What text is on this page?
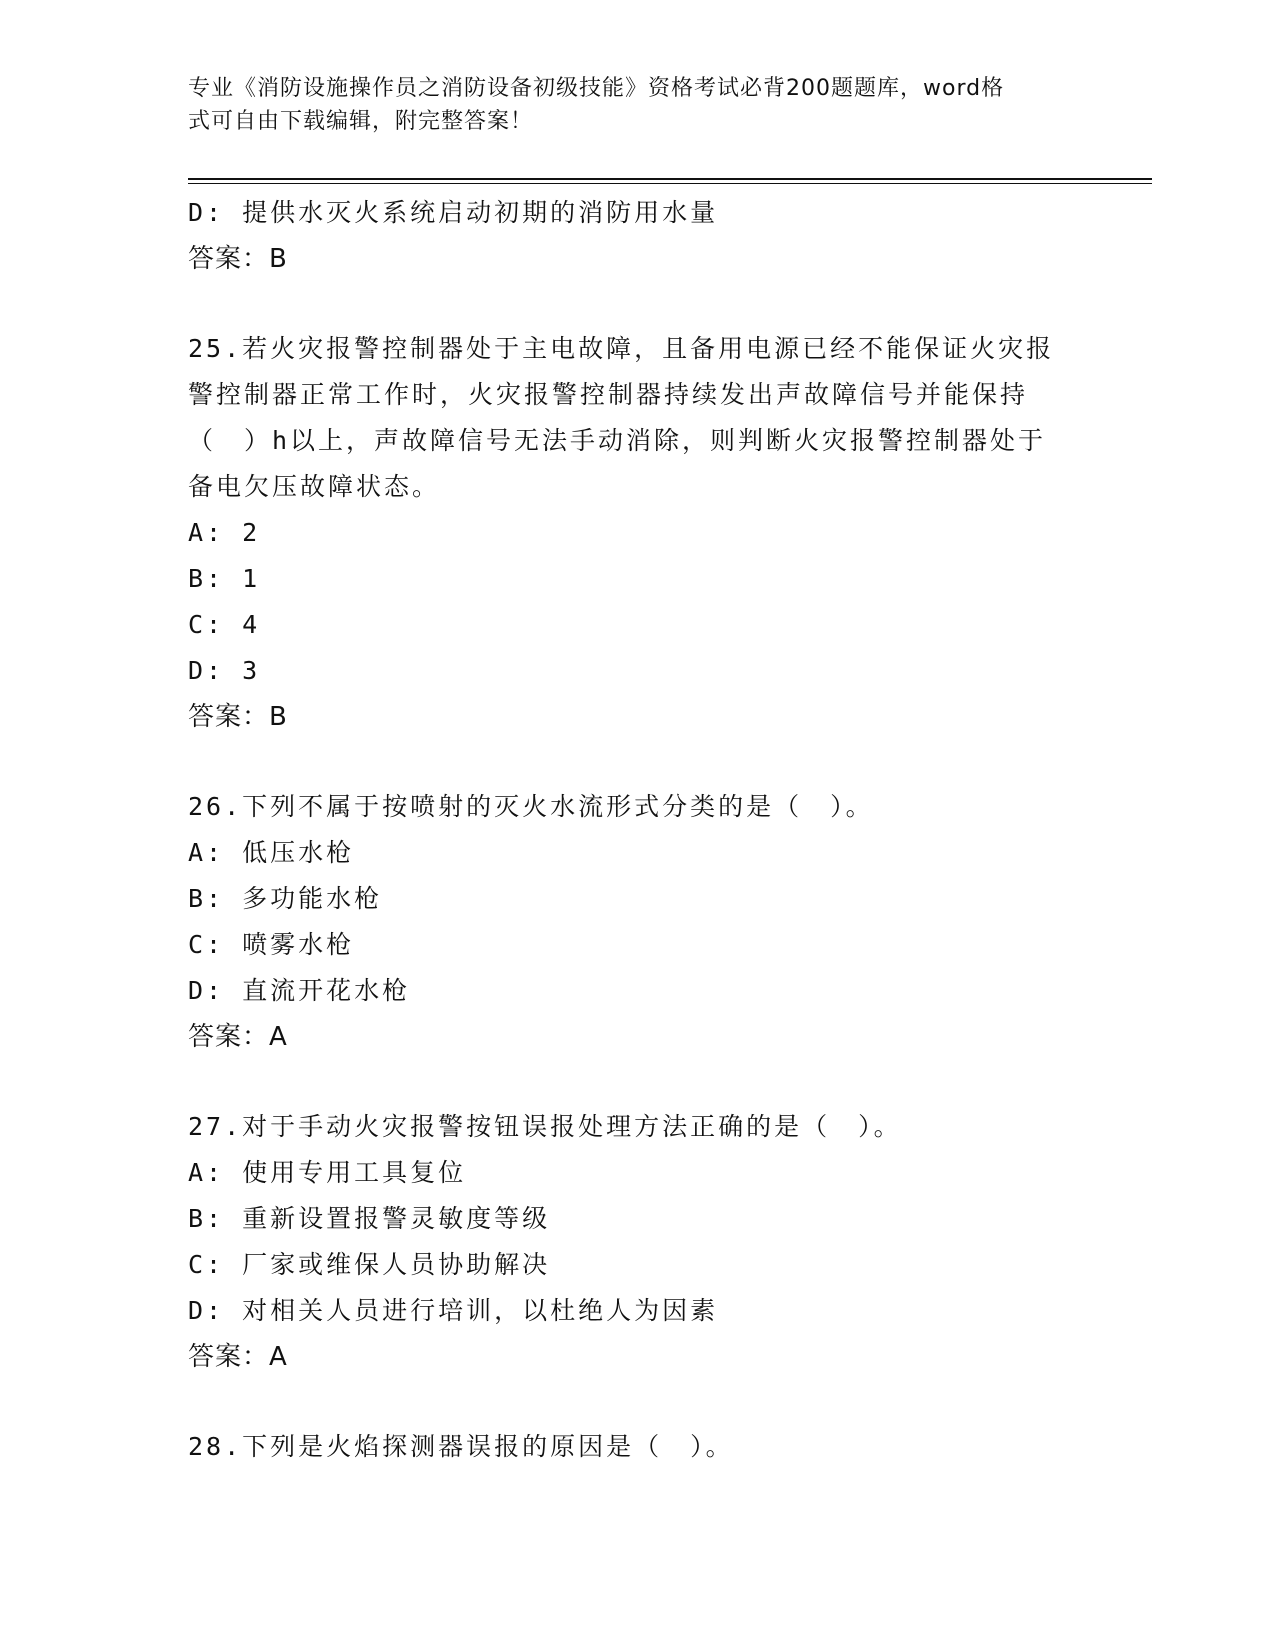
专业《消防设施操作员之消防设备初级技能》资格考试必背200题题库，word格
式可自由下载编辑，附完整答案！
D: 提供水灭火系统启动初期的消防用水量
答案：B
25.若火灾报警控制器处于主电故障，且备用电源已经不能保证火灾报
警控制器正常工作时，火灾报警控制器持续发出声故障信号并能保持
（　）h以上，声故障信号无法手动消除，则判断火灾报警控制器处于
备电欠压故障状态。
A: 2
B: 1
C: 4
D: 3
答案：B
26.下列不属于按喷射的灭火水流形式分类的是（　）。
A: 低压水枪
B: 多功能水枪
C: 喷雾水枪
D: 直流开花水枪
答案：A
27.对于手动火灾报警按钮误报处理方法正确的是（　）。
A: 使用专用工具复位
B: 重新设置报警灵敏度等级
C: 厂家或维保人员协助解决
D: 对相关人员进行培训，以杜绝人为因素
答案：A
28.下列是火焰探测器误报的原因是（　）。
